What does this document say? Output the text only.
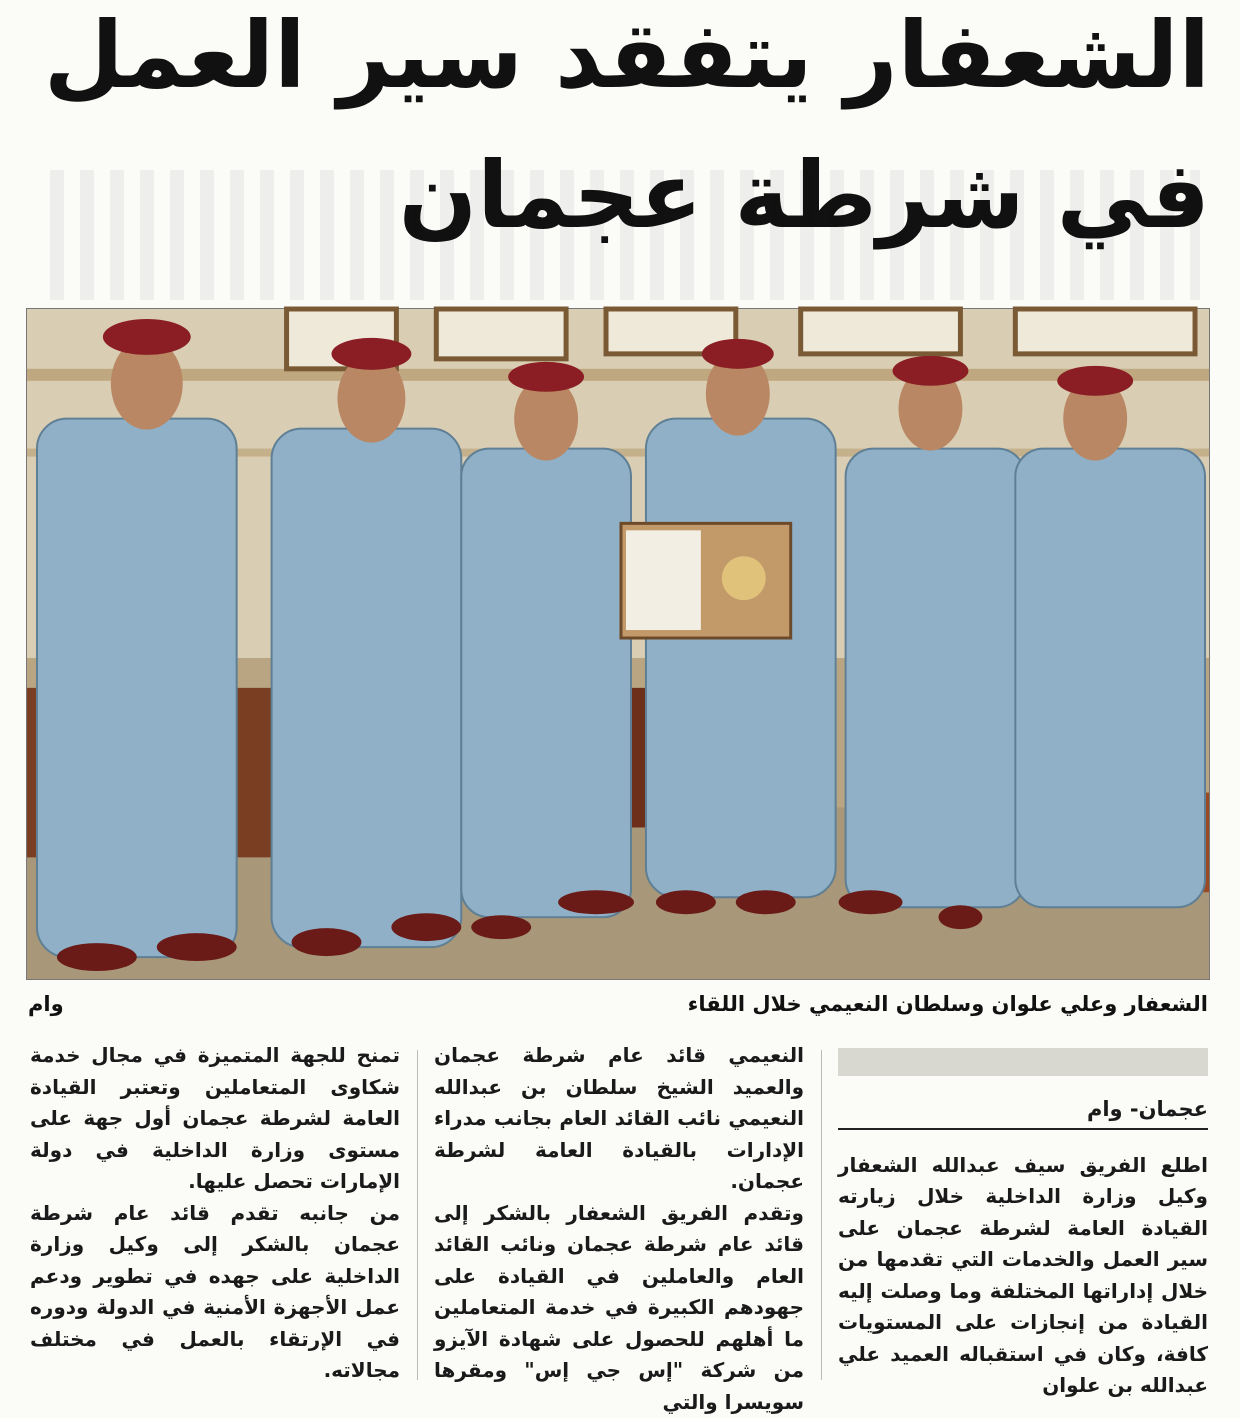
الشعفار يتفقد سير العمل
في شرطة عجمان
الشعفار وعلي علوان وسلطان النعيمي خلال اللقاء
وام
عجمان- وام

اطلع الفريق سيف عبدالله الشعفار وكيل وزارة الداخلية خلال زيارته القيادة العامة لشرطة عجمان على سير العمل والخدمات التي تقدمها من خلال إداراتها المختلفة وما وصلت إليه القيادة من إنجازات على المستويات كافة، وكان في استقباله العميد علي عبدالله بن علوان

النعيمي قائد عام شرطة عجمان والعميد الشيخ سلطان بن عبدالله النعيمي نائب القائد العام بجانب مدراء الإدارات بالقيادة العامة لشرطة عجمان.

وتقدم الفريق الشعفار بالشكر إلى قائد عام شرطة عجمان ونائب القائد العام والعاملين في القيادة على جهودهم الكبيرة في خدمة المتعاملين ما أهلهم للحصول على شهادة الآيزو من شركة "إس جي إس" ومقرها سويسرا والتي

تمنح للجهة المتميزة في مجال خدمة شكاوى المتعاملين وتعتبر القيادة العامة لشرطة عجمان أول جهة على مستوى وزارة الداخلية في دولة الإمارات تحصل عليها.

من جانبه تقدم قائد عام شرطة عجمان بالشكر إلى وكيل وزارة الداخلية على جهده في تطوير ودعم عمل الأجهزة الأمنية في الدولة ودوره في الإرتقاء بالعمل في مختلف مجالاته.
